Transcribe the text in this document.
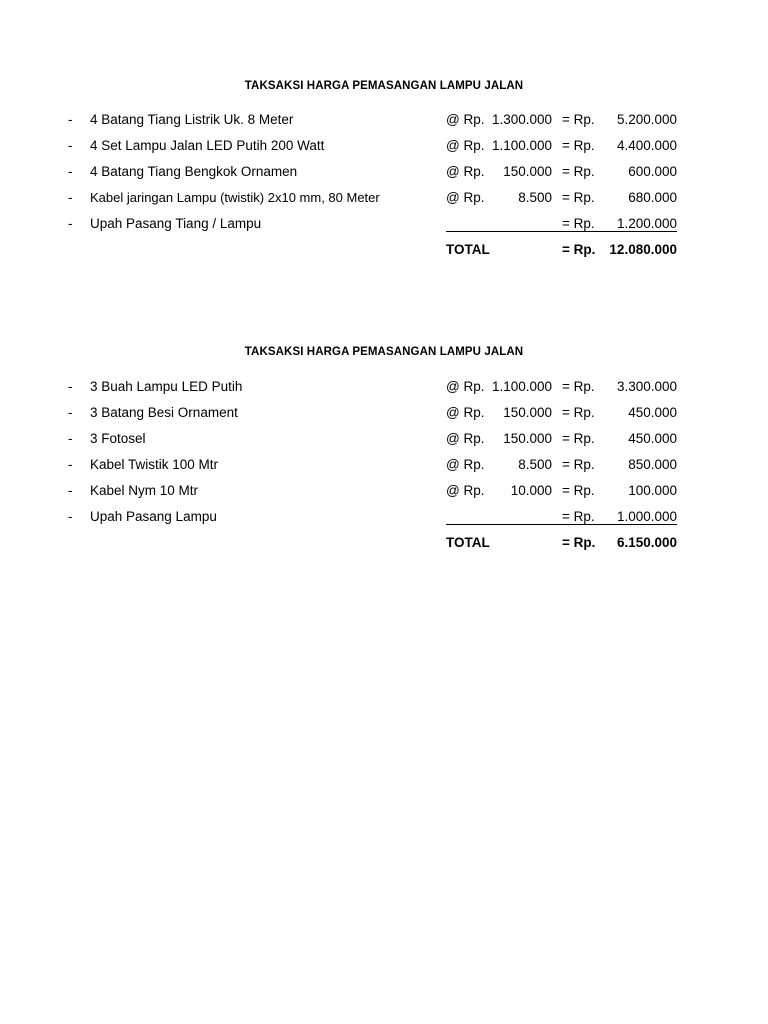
TAKSAKSI HARGA PEMASANGAN LAMPU JALAN
- 4 Batang Tiang Listrik Uk. 8 Meter	@ Rp. 1.300.000 = Rp. 5.200.000
- 4 Set Lampu Jalan LED Putih 200 Watt	@ Rp. 1.100.000 = Rp. 4.400.000
- 4 Batang Tiang Bengkok Ornamen	@ Rp. 150.000 = Rp. 600.000
- Kabel jaringan Lampu (twistik) 2x10 mm, 80 Meter	@ Rp. 8.500 = Rp. 680.000
- Upah Pasang Tiang / Lampu	= Rp. 1.200.000
TOTAL	= Rp. 12.080.000
TAKSAKSI HARGA PEMASANGAN LAMPU JALAN
- 3 Buah Lampu LED Putih	@ Rp. 1.100.000 = Rp. 3.300.000
- 3 Batang Besi Ornament	@ Rp. 150.000 = Rp. 450.000
- 3 Fotosel	@ Rp. 150.000 = Rp. 450.000
- Kabel Twistik 100 Mtr	@ Rp. 8.500 = Rp. 850.000
- Kabel Nym 10 Mtr	@ Rp. 10.000 = Rp. 100.000
- Upah Pasang Lampu	= Rp. 1.000.000
TOTAL	= Rp. 6.150.000
